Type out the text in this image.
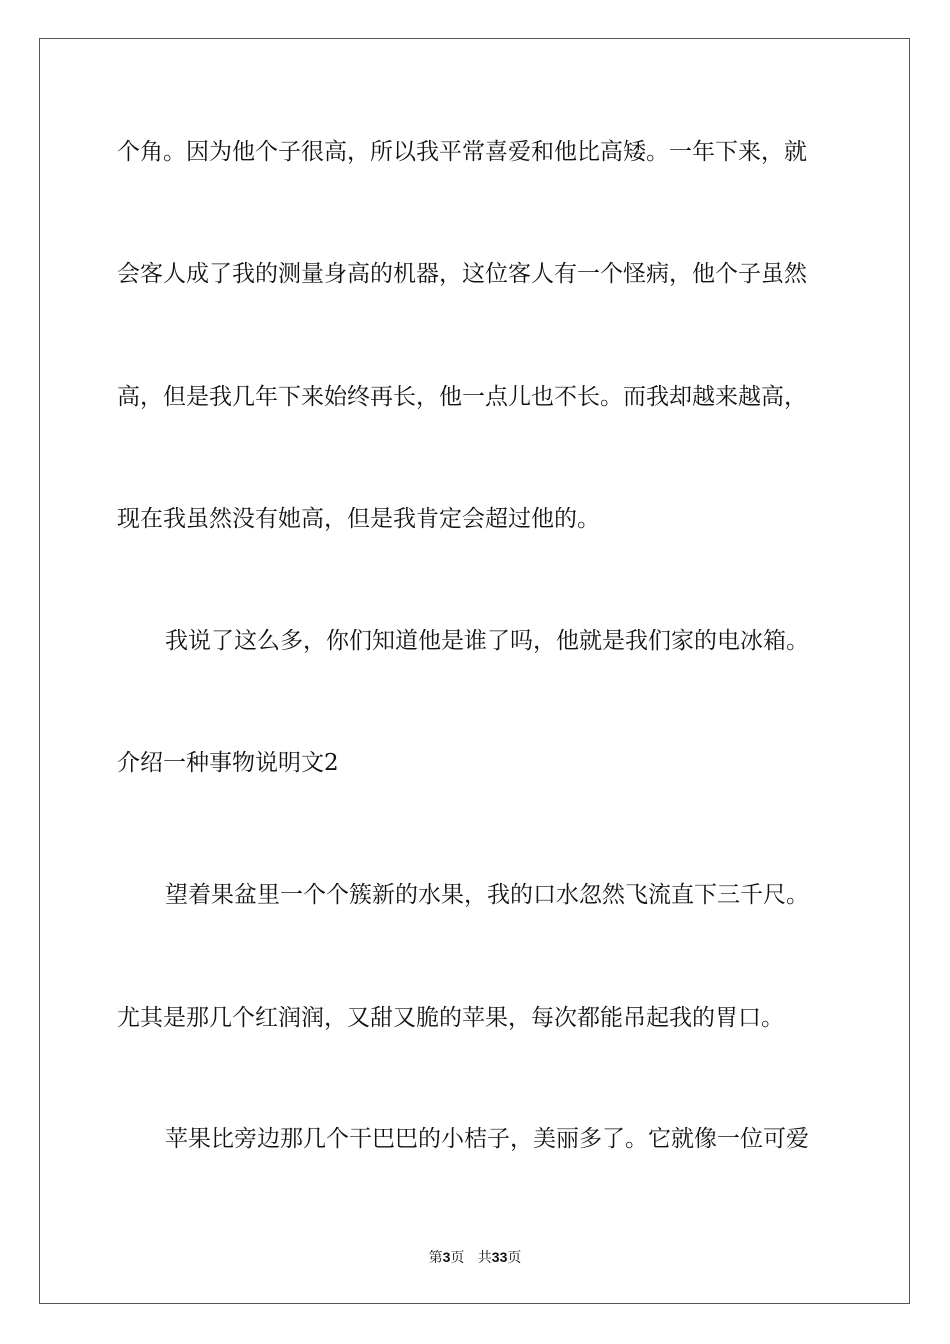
个角。因为他个子很高，所以我平常喜爱和他比高矮。一年下来，就

会客人成了我的测量身高的机器，这位客人有一个怪病，他个子虽然

高，但是我几年下来始终再长，他一点儿也不长。而我却越来越高，

现在我虽然没有她高，但是我肯定会超过他的。

我说了这么多，你们知道他是谁了吗，他就是我们家的电冰箱。

介绍一种事物说明文2

望着果盆里一个个簇新的水果，我的口水忽然飞流直下三千尺。

尤其是那几个红润润，又甜又脆的苹果，每次都能吊起我的胃口。

苹果比旁边那几个干巴巴的小桔子，美丽多了。它就像一位可爱

第3页 共33页
